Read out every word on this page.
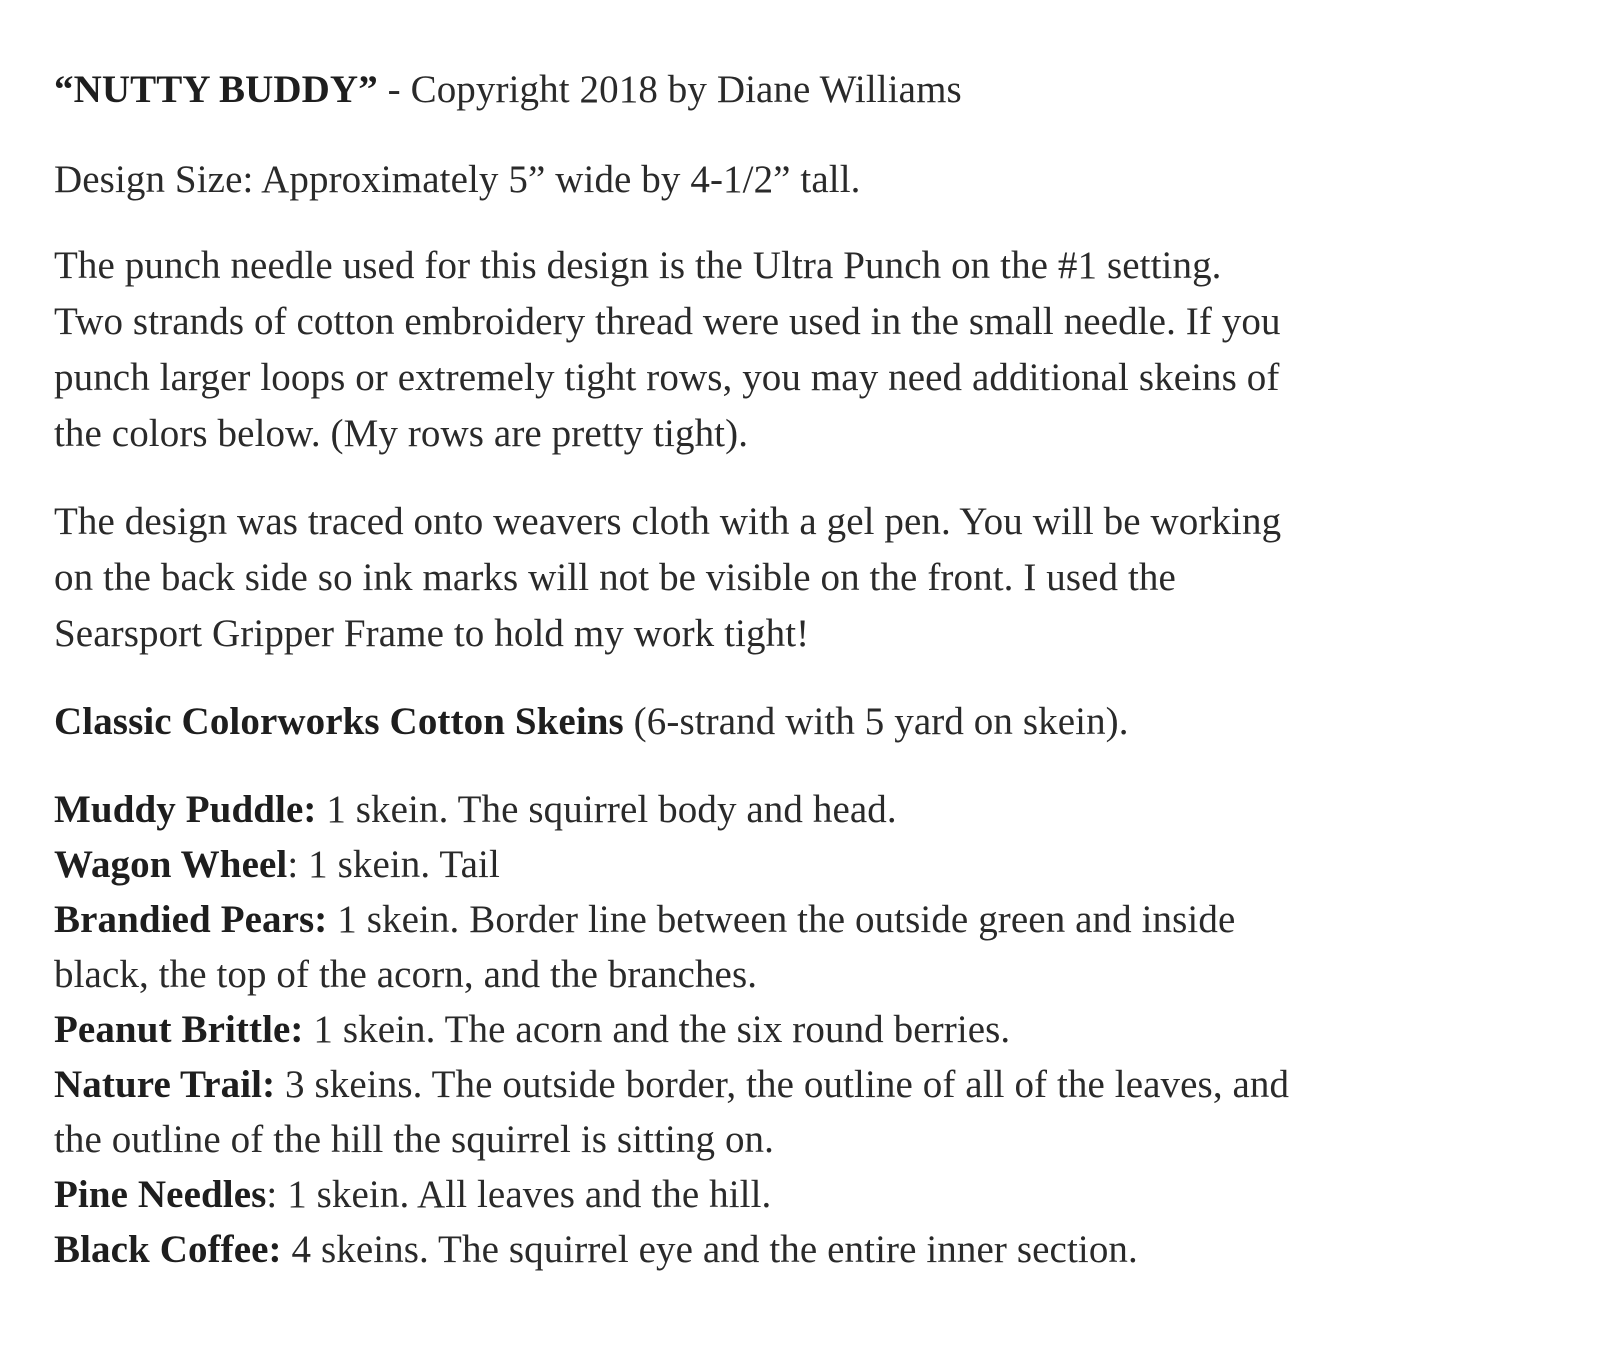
“NUTTY BUDDY” - Copyright 2018 by Diane Williams
Design Size: Approximately 5” wide by 4-1/2” tall.
The punch needle used for this design is the Ultra Punch on the #1 setting.
Two strands of cotton embroidery thread were used in the small needle. If you
punch larger loops or extremely tight rows, you may need additional skeins of
the colors below. (My rows are pretty tight).
The design was traced onto weavers cloth with a gel pen. You will be working
on the back side so ink marks will not be visible on the front. I used the
Searsport Gripper Frame to hold my work tight!
Classic Colorworks Cotton Skeins (6-strand with 5 yard on skein).
Muddy Puddle: 1 skein. The squirrel body and head.
Wagon Wheel: 1 skein. Tail
Brandied Pears: 1 skein. Border line between the outside green and inside
black, the top of the acorn, and the branches.
Peanut Brittle: 1 skein. The acorn and the six round berries.
Nature Trail: 3 skeins. The outside border, the outline of all of the leaves, and
the outline of the hill the squirrel is sitting on.
Pine Needles: 1 skein. All leaves and the hill.
Black Coffee: 4 skeins. The squirrel eye and the entire inner section.
